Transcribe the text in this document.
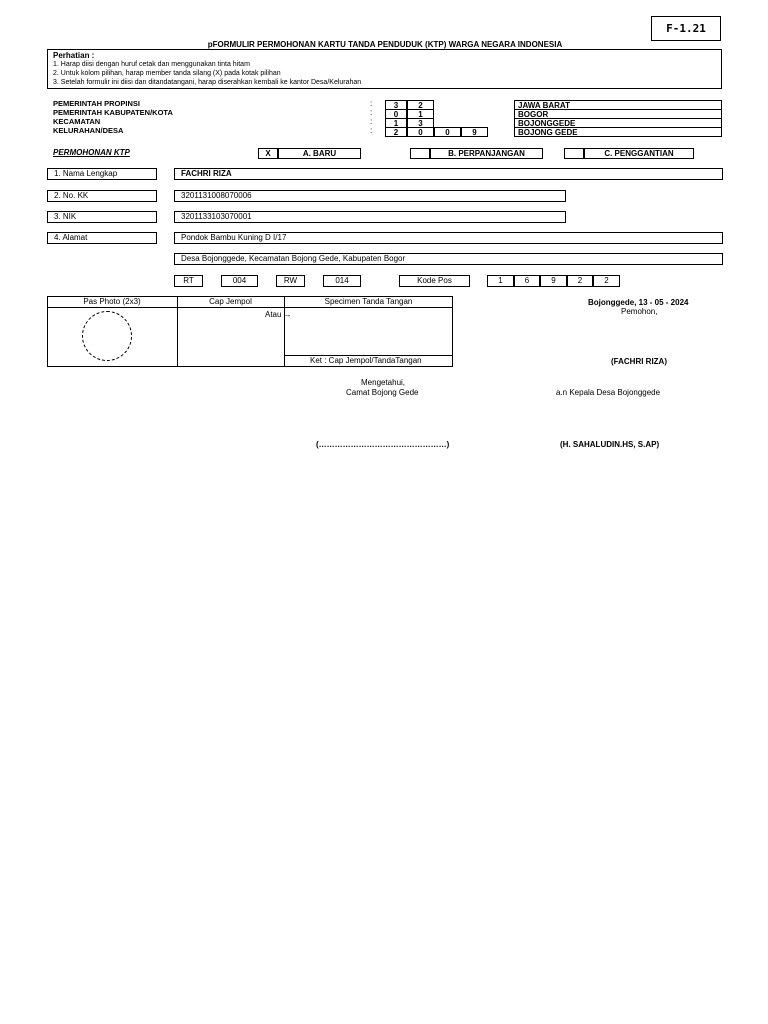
F-1.21
pFORMULIR PERMOHONAN KARTU TANDA PENDUDUK (KTP) WARGA NEGARA INDONESIA
Perhatian :
1. Harap diisi dengan huruf cetak dan menggunakan tinta hitam
2. Untuk kolom pilihan, harap member tanda silang (X) pada kotak pilihan
3. Setelah formulir ini diisi dan ditandatangani, harap diserahkan kembali ke kantor Desa/Kelurahan
PEMERINTAH PROPINSI	:	3	2	JAWA BARAT
PEMERINTAH KABUPATEN/KOTA	:	0	1	BOGOR
KECAMATAN	:	1	3	BOJONGGEDE
KELURAHAN/DESA	:	2	0	0	9	BOJONG GEDE
PERMOHONAN KTP	X	A. BARU	B. PERPANJANGAN	C. PENGGANTIAN
1. Nama Lengkap	FACHRI RIZA
2. No. KK	3201131008070006
3. NIK	3201133103070001
4. Alamat	Pondok Bambu Kuning D I/17
Desa Bojonggede, Kecamatan Bojong Gede, Kabupaten Bogor
RT	004	RW	014	Kode Pos	1	6	9	2	2
Pas Photo (2x3)	Cap Jempol	Specimen Tanda Tangan
Atau →
Ket : Cap Jempol/TandaTangan
Bojonggede, 13 - 05 - 2024
Pemohon,
(FACHRI RIZA)
Mengetahui,
Camat Bojong Gede	a.n Kepala Desa Bojonggede
(…………………………………………)	(H. SAHALUDIN.HS, S.AP)
